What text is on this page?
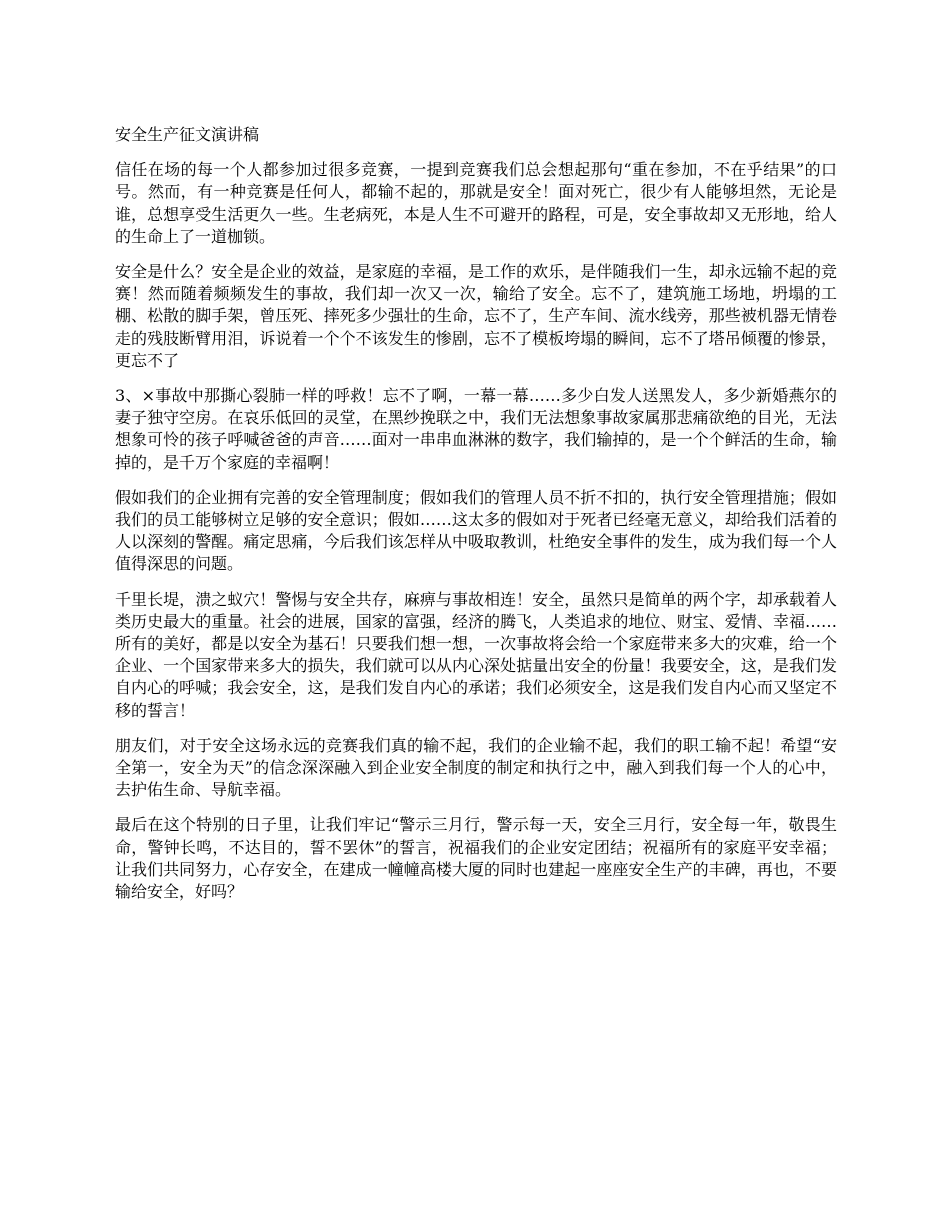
安全生产征文演讲稿

信任在场的每一个人都参加过很多竞赛，一提到竞赛我们总会想起那句“重在参加，不在乎结果”的口号。然而，有一种竞赛是任何人，都输不起的，那就是安全！面对死亡，很少有人能够坦然，无论是谁，总想享受生活更久一些。生老病死，本是人生不可避开的路程，可是，安全事故却又无形地，给人的生命上了一道枷锁。

安全是什么？安全是企业的效益，是家庭的幸福，是工作的欢乐，是伴随我们一生，却永远输不起的竞赛！然而随着频频发生的事故，我们却一次又一次，输给了安全。忘不了，建筑施工场地，坍塌的工棚、松散的脚手架，曾压死、摔死多少强壮的生命，忘不了，生产车间、流水线旁，那些被机器无情卷走的残肢断臂用泪，诉说着一个个不该发生的惨剧，忘不了模板垮塌的瞬间，忘不了塔吊倾覆的惨景，更忘不了

3、×事故中那撕心裂肺一样的呼救！忘不了啊，一幕一幕……多少白发人送黑发人，多少新婚燕尔的妻子独守空房。在哀乐低回的灵堂，在黑纱挽联之中，我们无法想象事故家属那悲痛欲绝的目光，无法想象可怜的孩子呼喊爸爸的声音……面对一串串血淋淋的数字，我们输掉的，是一个个鲜活的生命，输掉的，是千万个家庭的幸福啊！

假如我们的企业拥有完善的安全管理制度；假如我们的管理人员不折不扣的，执行安全管理措施；假如我们的员工能够树立足够的安全意识；假如……这太多的假如对于死者已经毫无意义，却给我们活着的人以深刻的警醒。痛定思痛，今后我们该怎样从中吸取教训，杜绝安全事件的发生，成为我们每一个人值得深思的问题。

千里长堤，溃之蚁穴！警惕与安全共存，麻痹与事故相连！安全，虽然只是简单的两个字，却承载着人类历史最大的重量。社会的进展，国家的富强，经济的腾飞，人类追求的地位、财宝、爱情、幸福……所有的美好，都是以安全为基石！只要我们想一想，一次事故将会给一个家庭带来多大的灾难，给一个企业、一个国家带来多大的损失，我们就可以从内心深处掂量出安全的份量！我要安全，这，是我们发自内心的呼喊；我会安全，这，是我们发自内心的承诺；我们必须安全，这是我们发自内心而又坚定不移的誓言！

朋友们，对于安全这场永远的竞赛我们真的输不起，我们的企业输不起，我们的职工输不起！希望“安全第一，安全为天”的信念深深融入到企业安全制度的制定和执行之中，融入到我们每一个人的心中，去护佑生命、导航幸福。

最后在这个特别的日子里，让我们牢记“警示三月行，警示每一天，安全三月行，安全每一年，敬畏生命，警钟长鸣，不达目的，誓不罢休”的誓言，祝福我们的企业安定团结；祝福所有的家庭平安幸福；让我们共同努力，心存安全，在建成一幢幢高楼大厦的同时也建起一座座安全生产的丰碑，再也，不要输给安全，好吗？
